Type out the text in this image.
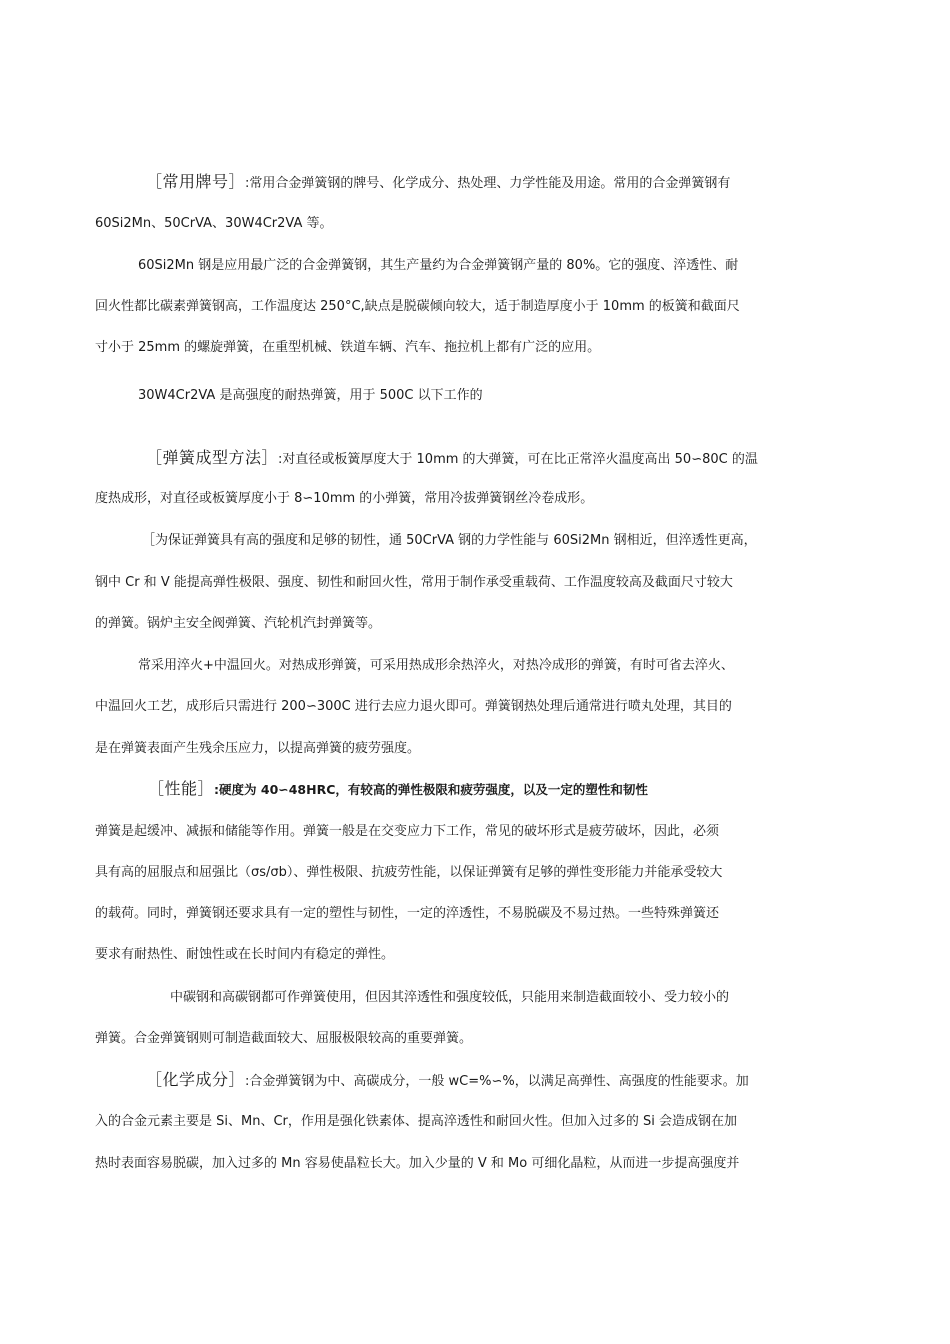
［常用牌号］:常用合金弹簧钢的牌号、化学成分、热处理、力学性能及用途。常用的合金弹簧钢有
60Si2Mn、50CrVA、30W4Cr2VA 等。
60Si2Mn 钢是应用最广泛的合金弹簧钢，其生产量约为合金弹簧钢产量的 80%。它的强度、淬透性、耐
回火性都比碳素弹簧钢高，工作温度达 250°C,缺点是脱碳倾向较大，适于制造厚度小于 10mm 的板簧和截面尺
寸小于 25mm 的螺旋弹簧，在重型机械、铁道车辆、汽车、拖拉机上都有广泛的应用。
30W4Cr2VA 是高强度的耐热弹簧，用于 500C 以下工作的
［弹簧成型方法］:对直径或板簧厚度大于 10mm 的大弹簧，可在比正常淬火温度高出 50∽80C 的温
度热成形，对直径或板簧厚度小于 8∽10mm 的小弹簧，常用冷拔弹簧钢丝冷卷成形。
［为保证弹簧具有高的强度和足够的韧性，通 50CrVA 钢的力学性能与 60Si2Mn 钢相近，但淬透性更高，
钢中 Cr 和 V 能提高弹性极限、强度、韧性和耐回火性，常用于制作承受重载荷、工作温度较高及截面尺寸较大
的弹簧。锅炉主安全阀弹簧、汽轮机汽封弹簧等。
常采用淬火+中温回火。对热成形弹簧，可采用热成形余热淬火，对热冷成形的弹簧，有时可省去淬火、
中温回火工艺，成形后只需进行 200∽300C 进行去应力退火即可。弹簧钢热处理后通常进行喷丸处理，其目的
是在弹簧表面产生残余压应力，以提高弹簧的疲劳强度。
［性能］:硬度为 40∽48HRC，有较高的弹性极限和疲劳强度，以及一定的塑性和韧性
弹簧是起缓冲、减振和储能等作用。弹簧一般是在交变应力下工作，常见的破坏形式是疲劳破坏，因此，必须
具有高的屈服点和屈强比（σs/σb）、弹性极限、抗疲劳性能，以保证弹簧有足够的弹性变形能力并能承受较大
的载荷。同时，弹簧钢还要求具有一定的塑性与韧性，一定的淬透性，不易脱碳及不易过热。一些特殊弹簧还
要求有耐热性、耐蚀性或在长时间内有稳定的弹性。
中碳钢和高碳钢都可作弹簧使用，但因其淬透性和强度较低，只能用来制造截面较小、受力较小的
弹簧。合金弹簧钢则可制造截面较大、屈服极限较高的重要弹簧。
［化学成分］:合金弹簧钢为中、高碳成分，一般 wC=%∽%，以满足高弹性、高强度的性能要求。加
入的合金元素主要是 Si、Mn、Cr，作用是强化铁素体、提高淬透性和耐回火性。但加入过多的 Si 会造成钢在加
热时表面容易脱碳，加入过多的 Mn 容易使晶粒长大。加入少量的 V 和 Mo 可细化晶粒，从而进一步提高强度并
